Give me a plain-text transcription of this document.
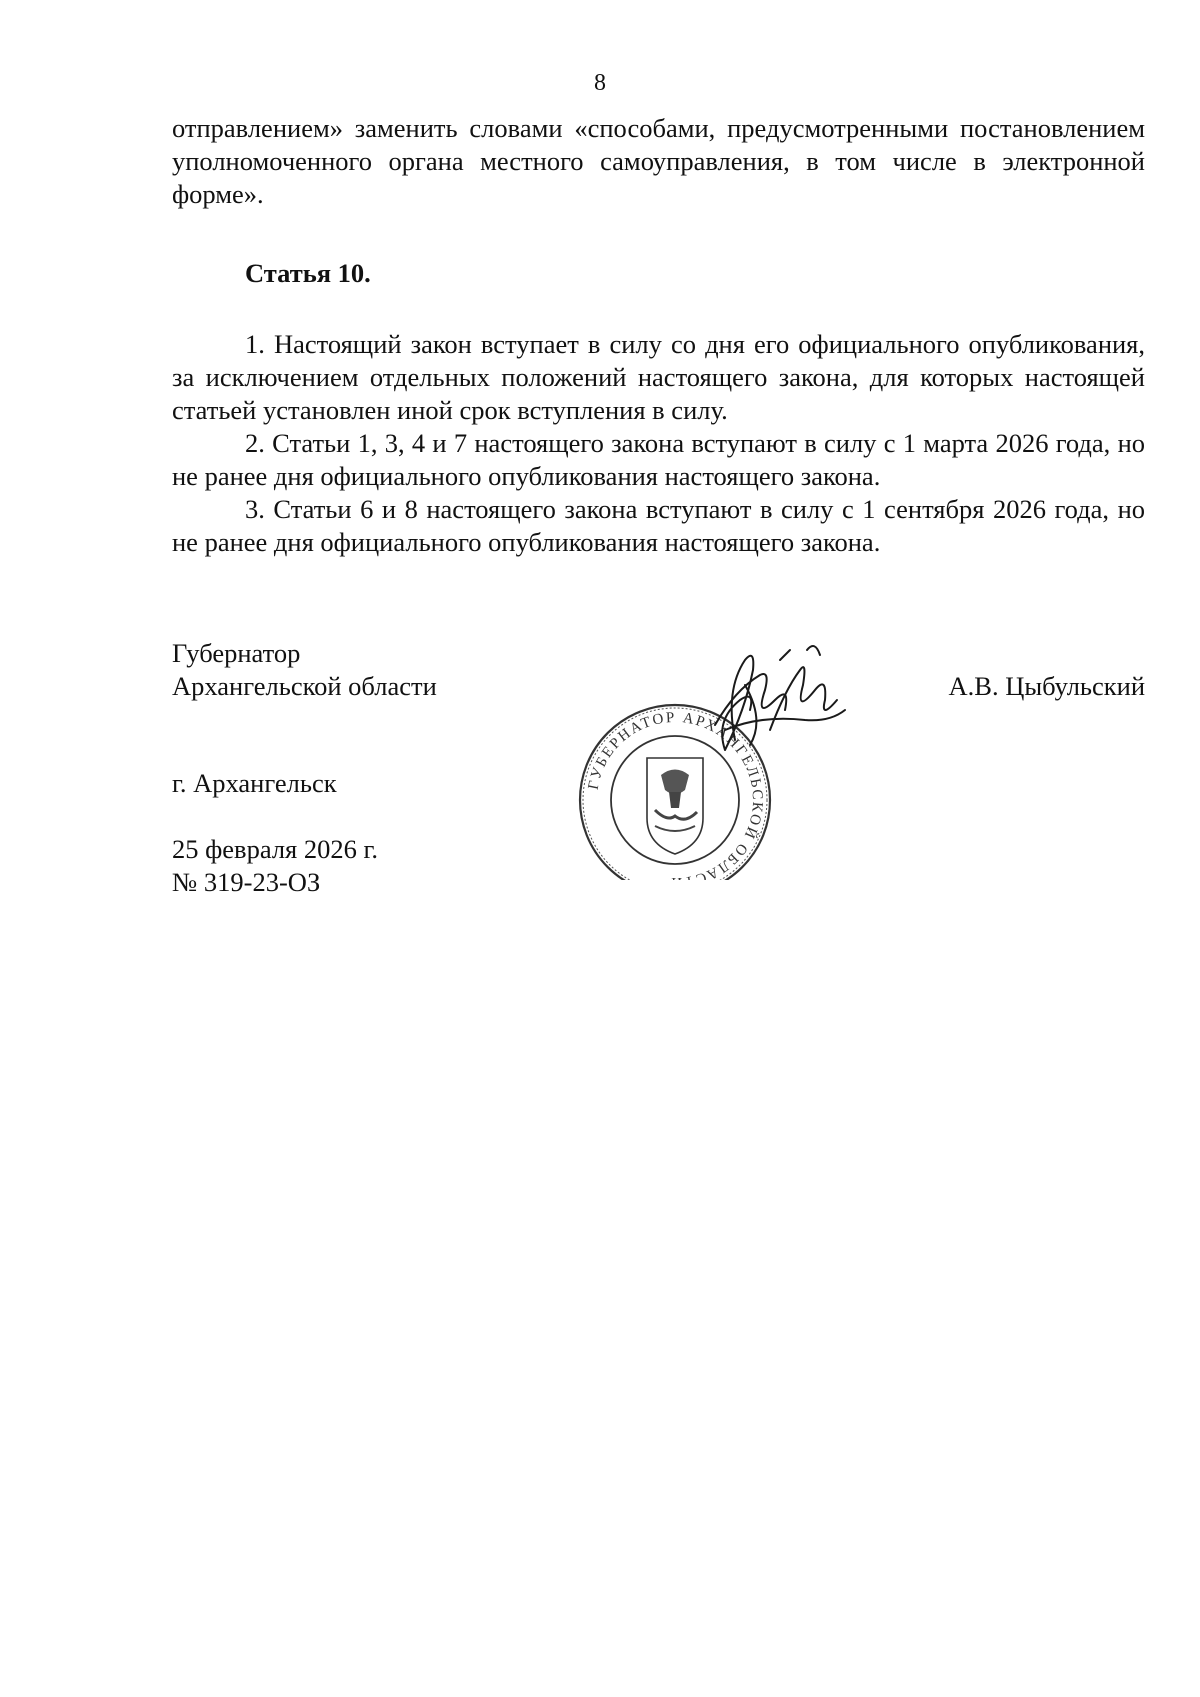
8

отправлением» заменить словами «способами, предусмотренными постановлением уполномоченного органа местного самоуправления, в том числе в электронной форме».

Статья 10.

1. Настоящий закон вступает в силу со дня его официального опубликования, за исключением отдельных положений настоящего закона, для которых настоящей статьей установлен иной срок вступления в силу.

2. Статьи 1, 3, 4 и 7 настоящего закона вступают в силу с 1 марта 2026 года, но не ранее дня официального опубликования настоящего закона.

3. Статьи 6 и 8 настоящего закона вступают в силу с 1 сентября 2026 года, но не ранее дня официального опубликования настоящего закона.

Губернатор
Архангельской области	А.В. Цыбульский
ГУБЕРНАТОР АРХАНГЕЛЬСКОЙ ОБЛАС
г. Архангельск
25 февраля 2026 г.
№ 319-23-ОЗ
